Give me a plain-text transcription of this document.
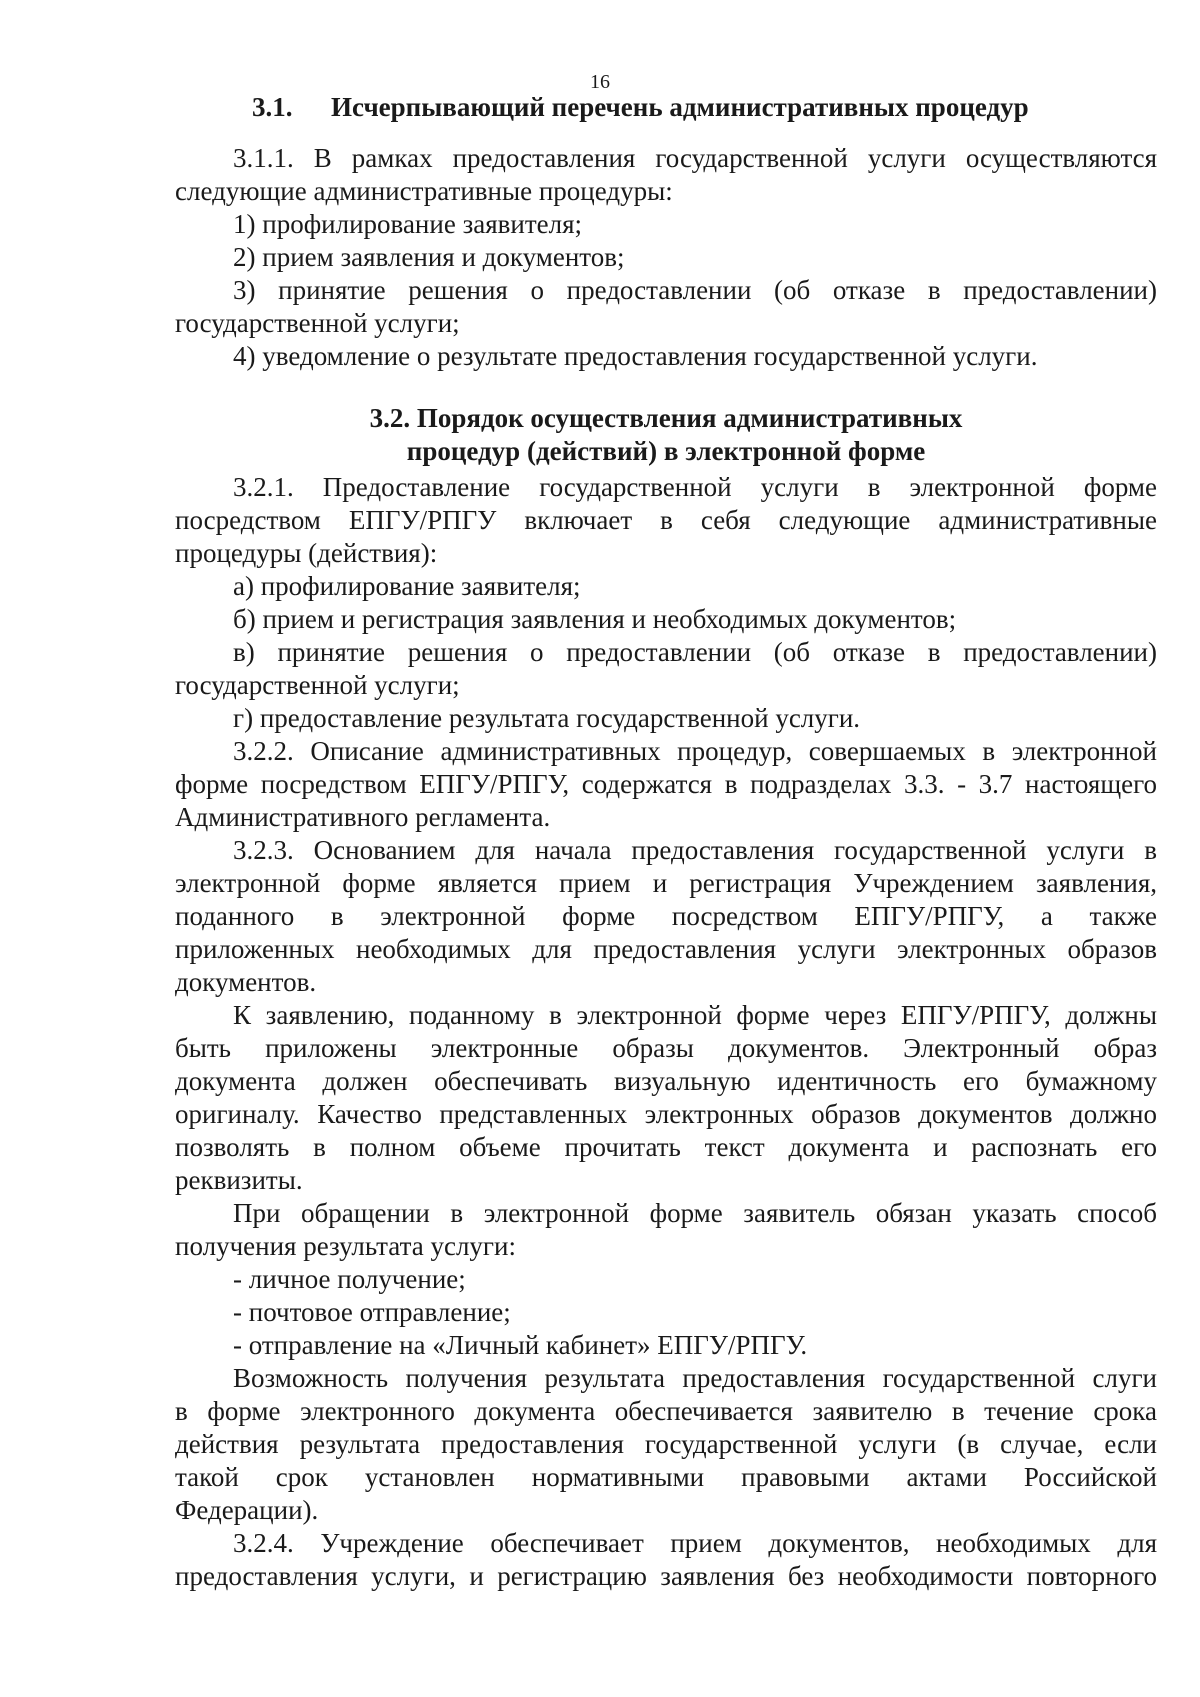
16
3.1. Исчерпывающий перечень административных процедур
3.1.1. В рамках предоставления государственной услуги осуществляются
следующие административные процедуры:
1) профилирование заявителя;
2) прием заявления и документов;
3) принятие решения о предоставлении (об отказе в предоставлении)
государственной услуги;
4) уведомление о результате предоставления государственной услуги.
3.2. Порядок осуществления административных
процедур (действий) в электронной форме
3.2.1. Предоставление государственной услуги в электронной форме
посредством ЕПГУ/РПГУ включает в себя следующие административные
процедуры (действия):
а) профилирование заявителя;
б) прием и регистрация заявления и необходимых документов;
в) принятие решения о предоставлении (об отказе в предоставлении)
государственной услуги;
г) предоставление результата государственной услуги.
3.2.2. Описание административных процедур, совершаемых в электронной
форме посредством ЕПГУ/РПГУ, содержатся в подразделах 3.3. - 3.7 настоящего
Административного регламента.
3.2.3. Основанием для начала предоставления государственной услуги в
электронной форме является прием и регистрация Учреждением заявления,
поданного в электронной форме посредством ЕПГУ/РПГУ, а также
приложенных необходимых для предоставления услуги электронных образов
документов.
К заявлению, поданному в электронной форме через ЕПГУ/РПГУ, должны
быть приложены электронные образы документов. Электронный образ
документа должен обеспечивать визуальную идентичность его бумажному
оригиналу. Качество представленных электронных образов документов должно
позволять в полном объеме прочитать текст документа и распознать его
реквизиты.
При обращении в электронной форме заявитель обязан указать способ
получения результата услуги:
- личное получение;
- почтовое отправление;
- отправление на «Личный кабинет» ЕПГУ/РПГУ.
Возможность получения результата предоставления государственной слуги
в форме электронного документа обеспечивается заявителю в течение срока
действия результата предоставления государственной услуги (в случае, если
такой срок установлен нормативными правовыми актами Российской
Федерации).
3.2.4. Учреждение обеспечивает прием документов, необходимых для
предоставления услуги, и регистрацию заявления без необходимости повторного
